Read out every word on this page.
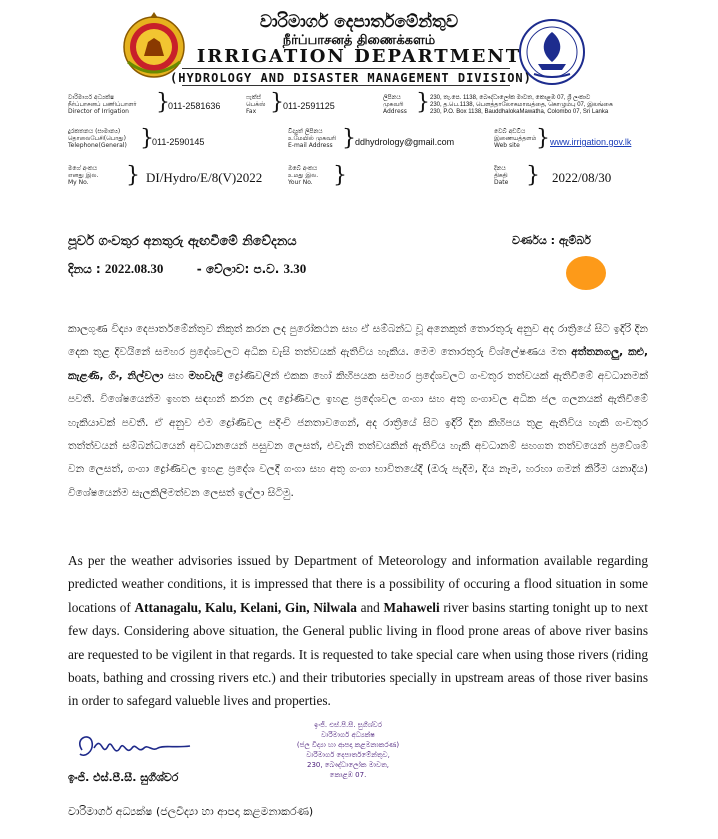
වාරිමාර්ග දෙපාර්තමේන්තුව
நீர்ப்பாசனத் திணைக்களம்
IRRIGATION DEPARTMENT
(HYDROLOGY AND DISASTER MANAGEMENT DIVISION)
වාරිමාර්ග අධ්‍යක්ෂ
நீர்ப்பாசனப் பணிப்பாளர்
Director of Irrigation	}
011-2581636
ෆැක්ස්
பெக்ஸ்
Fax } 011-2591125
ලිපිනය
முகவரி
Address } 230, තැ.පෙ. 1138, බෞද්ධාලෝක මාවත, කොළඹ 07, ශ්‍රී ලංකාව
230, த.பெ.1138, பௌத்தாலோகமாவத்தை, கொழும்பு 07, இலங்கை
230, P.O. Box 1138, BauddhalokaMawatha, Colombo 07, Sri Lanka
දුරකතනය (සාමාන්‍ය)
தொலைபேசி(பொது)
Telephone(General) }
011-2590145
විද්‍යුත් ලිපිනය
உமேயில் முகவரி
E-mail Address } ddhydrology@gmail.com
වෙබ් අඩවිය
இணையத்தளம்
Web site } www.irrigation.gov.lk
මගේ අංකය
எனது இல.
My No.	} DI/Hydro/E/8(V)2022
ඔබේ අංකය
உமது இல.
Your No. }	දිනය
திகதி
Date } 2022/08/30
පූර්ව ගංවතුර අනතුරු ඇඟවීමේ නිවේදනය	වර්ණය : ඇම්බර්
දිනය : 2022.08.30	- වේලාව: ප.ව. 3.30
කාලගුණ විද්‍යා දෙපාර්තමේන්තුව නිකුත් කරන ලද පුරෝකථන සහ ඒ සම්බන්ධ වූ අනෙකුත් තොරතුරු අනුව අද රාත්‍රියේ සිට ඉදිරි දින දෙක තුළ දිවයිනේ සමහර ප්‍රදේශවලට අධික වැසි තත්වයක් ඇතිවිය හැකිය. මෙම තොරතුරු විශ්ලේෂණය මත අත්තනගලු, කළු, කැළණි, ගිං, නිල්වලා සහ මහවැලි ද්‍රෝණිවලින් එකක හෝ කිහිපයක සමහර ප්‍රදේශවලට ගංවතුර තත්වයක් ඇතිවීමේ අවධානමක් පවතී. විශේෂයෙන්ම ඉහත සඳහන් කරන ලද ද්‍රෝණිවල ඉහළ ප්‍රදේශවල ගංගා සහ අතු ගංගාවල අධික ජල ගලනයක් ඇතිවීමේ හැකියාවක් පවතී. ඒ අනුව එම ද්‍රෝණිවල පදිංචි ජනතාවගෙන්, අද රාත්‍රියේ සිට ඉදිරි දින කිහිපය තුළ ඇතිවිය හැකි ගංවතුර තත්ත්වයන් සම්බන්ධයෙන් අවධානයෙන් පසුවන ලෙසත්, එවැනි තත්වයකින් ඇතිවිය හැකි අවධානම් සහගත තත්වයෙන් ප්‍රවේශම් වන ලෙසත්, ගංගා ද්‍රෝණිවල ඉහළ ප්‍රදේශ වලදී ගංගා සහ අතු ගංගා භාවිතයේදී (ඔරු පැදීම, දිය නෑම, හරහා ගමන් කිරීම යනාදිය) විශේෂයෙන්ම සැලකිලිමත්වන ලෙසත් ඉල්ලා සිටිමු.
As per the weather advisories issued by Department of Meteorology and information available regarding predicted weather conditions, it is impressed that there is a possibility of occuring a flood situation in some locations of Attanagalu, Kalu, Kelani, Gin, Nilwala and Mahaweli river basins starting tonight up to next few days. Considering above situation, the General public living in flood prone areas of above river basins are requested to be vigilent in that regards. It is requested to take special care when using those rivers (riding boats, bathing and crossing rivers etc.) and their tributories specially in upstream areas of those river basins in order to safegard valueble lives and properties.
ඉංජි. එස්.පී.සී. සුගීශ්වර
වාරිමාර්ග අධ්‍යක්ෂ
(ජල විද්‍යා හා ආපදා කළමනාකරණ)
වාරිමාර්ග දෙපාර්තමේන්තුව,
230, බෞද්ධාලෝක මාවත,
කොළඹ 07.
ඉංජි. එස්.පී.සී. සුගීශ්වර
වාරිමාර්ග අධ්‍යක්ෂ (ජලවිද්‍යා හා ආපදා කළමනාකරණ)
